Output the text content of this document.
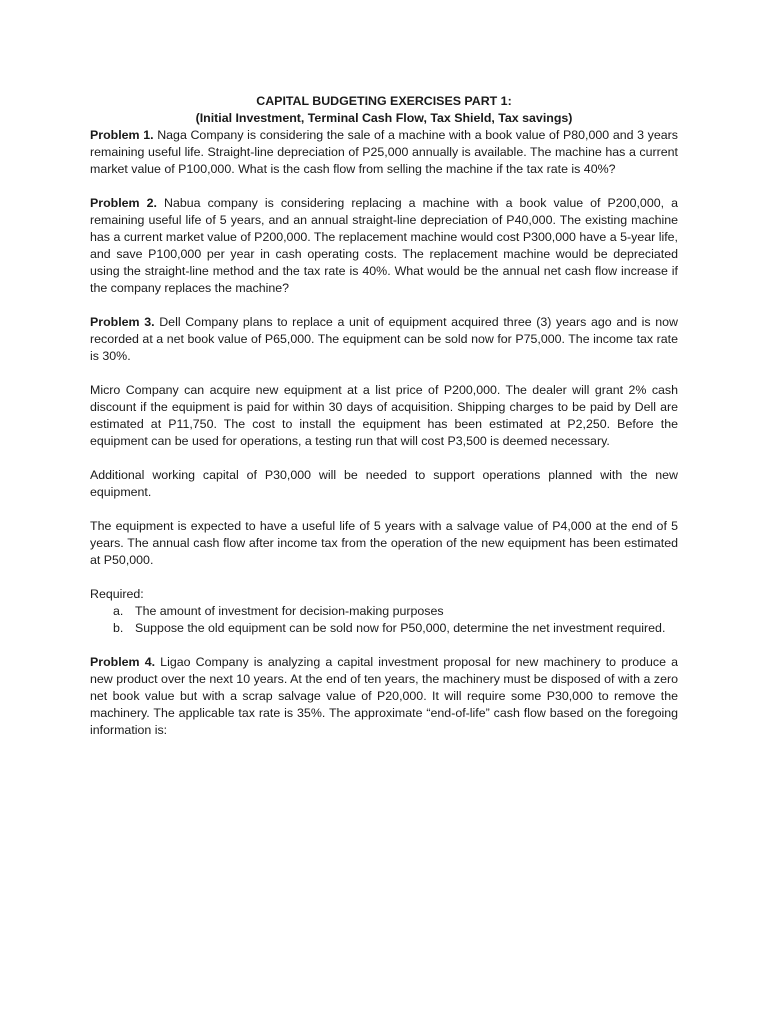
CAPITAL BUDGETING EXERCISES PART 1:

(Initial Investment, Terminal Cash Flow, Tax Shield, Tax savings)

Problem 1. Naga Company is considering the sale of a machine with a book value of P80,000 and 3 years remaining useful life. Straight-line depreciation of P25,000 annually is available. The machine has a current market value of P100,000. What is the cash flow from selling the machine if the tax rate is 40%?

Problem 2. Nabua company is considering replacing a machine with a book value of P200,000, a remaining useful life of 5 years, and an annual straight-line depreciation of P40,000. The existing machine has a current market value of P200,000. The replacement machine would cost P300,000 have a 5-year life, and save P100,000 per year in cash operating costs. The replacement machine would be depreciated using the straight-line method and the tax rate is 40%. What would be the annual net cash flow increase if the company replaces the machine?

Problem 3. Dell Company plans to replace a unit of equipment acquired three (3) years ago and is now recorded at a net book value of P65,000. The equipment can be sold now for P75,000. The income tax rate is 30%.

Micro Company can acquire new equipment at a list price of P200,000. The dealer will grant 2% cash discount if the equipment is paid for within 30 days of acquisition. Shipping charges to be paid by Dell are estimated at P11,750. The cost to install the equipment has been estimated at P2,250. Before the equipment can be used for operations, a testing run that will cost P3,500 is deemed necessary.

Additional working capital of P30,000 will be needed to support operations planned with the new equipment.

The equipment is expected to have a useful life of 5 years with a salvage value of P4,000 at the end of 5 years. The annual cash flow after income tax from the operation of the new equipment has been estimated at P50,000.

Required:

a. The amount of investment for decision-making purposes
b. Suppose the old equipment can be sold now for P50,000, determine the net investment required.

Problem 4. Ligao Company is analyzing a capital investment proposal for new machinery to produce a new product over the next 10 years. At the end of ten years, the machinery must be disposed of with a zero net book value but with a scrap salvage value of P20,000. It will require some P30,000 to remove the machinery. The applicable tax rate is 35%. The approximate “end-of-life” cash flow based on the foregoing information is:
